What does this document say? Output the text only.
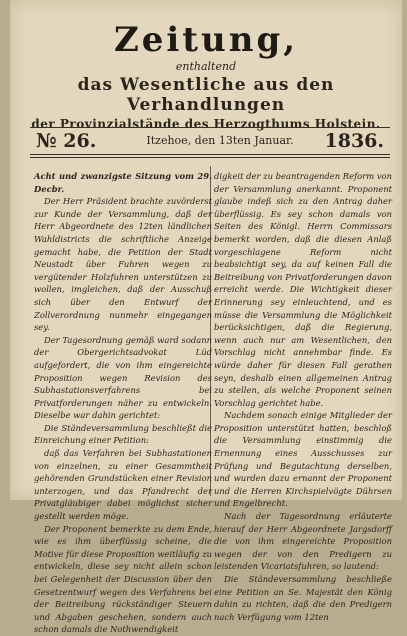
Zeitung,
enthaltend
das Wesentliche aus den Verhandlungen
der Provinzialstände des Herzogthums Holstein.
№ 26.	Itzehoe, den 13ten Januar.	1836.

Acht und zwanzigste Sitzung vom 29. Decbr.

Der Herr Präsident brachte zuvörderst zur Kunde der Versammlung, daß der Herr Abgeordnete des 12ten ländlichen Wahldistricts die schriftliche Anzeige gemacht habe, die Petition der Stadt Neustadt über Fuhren wegen zu vergütender Holzfuhren unterstützen zu wollen, imgleichen, daß der Ausschuß sich über den Entwurf der Zollverordnung nunmehr eingegangen sey.

Der Tagesordnung gemäß ward sodann der Obergerichtsadvokat Lüd aufgefordert, die von ihm eingereichte Proposition wegen Revision des Subhastationsverfahrens bei Privatforderungen näher zu entwickeln. Dieselbe war dahin gerichtet:

Die Ständeversammlung beschließt die Einreichung einer Petition:

daß das Verfahren bei Subhastationen von einzelnen, zu einer Gesammtheit gehörenden Grundstücken einer Revision unterzogen, und das Pfandrecht der Privatgläubiger dabei möglichst sicher gestellt werden möge.

Der Proponent bemerkte zu dem Ende, wie es ihm überflüssig scheine, die Motive für diese Proposition weitläufig zu entwickeln, diese sey nicht allein schon bei Gelegenheit der Discussion über den Gesetzentwurf wegen des Verfahrens bei der Beitreibung rückständiger Steuern und Abgaben geschehen, sondern auch schon damals die Nothwendigkeit

digkeit der zu beantragenden Reform von der Versammlung anerkannt. Proponent glaube indeß sich zu den Antrag daher überflüssig. Es sey schon damals von Seiten des Königl. Herrn Commissars bemerkt worden, daß die diesen Anlaß vorgeschlagene Reform nicht beabsichtigt sey, da auf keinen Fall die Beitreibung von Privatforderungen davon erreicht werde. Die Wichtigkeit dieser Erinnerung sey einleuchtend, und es müsse die Versammlung die Möglichkeit berücksichtigen, daß die Regierung, wenn auch nur am Wesentlichen, den Vorschlag nicht annehmbar finde. Es würde daher für diesen Fall gerathen seyn, deshalb einen allgemeinen Antrag zu stellen, als welche Proponent seinen Vorschlag gerichtet habe.

Nachdem sonach einige Mitglieder der Proposition unterstützt hatten, beschloß die Versammlung einstimmig die Ernennung eines Ausschusses zur Prüfung und Begutachtung derselben, und wurden dazu ernannt der Proponent und die Herren Kirchspielvögte Dührsen und Engelbrecht.

Nach der Tagesordnung erläuterte hierauf der Herr Abgeordnete Jargsdorff die von ihm eingereichte Proposition wegen der von den Predigern zu leistenden Vicariatsfuhren, so lautend:

Die Ständeversammlung beschließe eine Petition an Se. Majestät den König dahin zu richten, daß die den Predigern nach Verfügung vom 12ten
